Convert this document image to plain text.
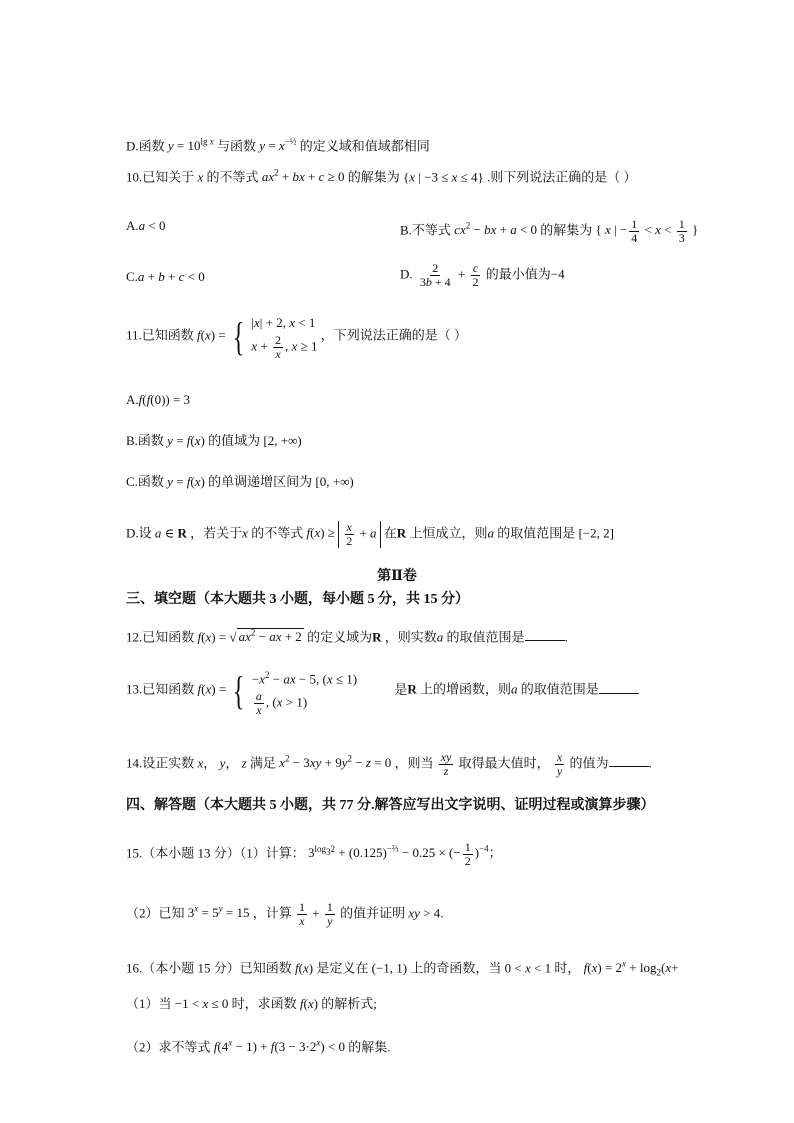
D.函数 $y = 10^{lg x}$ 与函数 $y = x^{-\frac{1}{2}}$ 的定义域和值域都相同
10.已知关于 x 的不等式 $ax^2$ + bx + c ≥ 0 的解集为 {x | −3 ≤ x ≤ 4} .则下列说法正确的是（ ）
A.a < 0	B.不等式 $cx^2$ − bx + a < 0 的解集为 { x | − $\frac{1}{4} < x < \frac{1}{3}$ }
C.a + b + c < 0	D. $\frac{2}{3b + 4} + \frac{c}{2}$ 的最小值为−4
11.已知函数 f(x) = { |x| + 2, x < 1
$x + \frac{2}{x}$ , x ≥ 1
，下列说法正确的是（ ）
A.f(f(0)) = 3
B.函数 y = f(x) 的值域为 [2, +∞)
C.函数 y = f(x) 的单调递增区间为 [0, +∞)
D.设 a ∈ R ，若关于x 的不等式 $f(x) \ge \frac{x}{2} + a$ 在R 上恒成立，则a 的取值范围是 [−2, 2]
第Ⅱ卷
三、填空题（本大题共 3 小题，每小题 5 分，共 15 分）
12.已知函数 f(x) = √ $ax^2$ − ax + 2 的定义域为R ，则实数a 的取值范围是	.
13.已知函数 f(x) = { $-x^2$ − ax − 5, (x ≤ 1)
$\frac{a}{x}$ , (x > 1)
是R 上的增函数，则a 的取值范围是
14.设正实数 x， y， z 满足 $x^2 - 3xy + 9y^2 - z = 0$ ，则当 $\frac{xy}{z}$ 取得最大值时， $\frac{x}{y}$ 的值为	.
四、解答题（本大题共 5 小题，共 77 分.解答应写出文字说明、证明过程或演算步骤）
15.（本小题 13 分）（1）计算： $3^{log_32} + (0.125)^{-\frac{2}{3}} - 0.25$ × (− $\frac{1}{2} )^{-4}$；
（2）已知 $3^x = 5^y = 15$ ，计算 $\frac{1}{x} + \frac{1}{y}$ 的值并证明 xy > 4.
16.（本小题 15 分）已知函数 f(x) 是定义在 (−1, 1) 上的奇函数，当 0 < x < 1 时， $f(x) = 2^x + \log_2(x+$
（1）当 −1 < x ≤ 0 时，求函数 f(x) 的解析式;
（2）求不等式 $f(4^x - 1) + f(3 - 3\cdot 2^x) < 0$ 的解集.
